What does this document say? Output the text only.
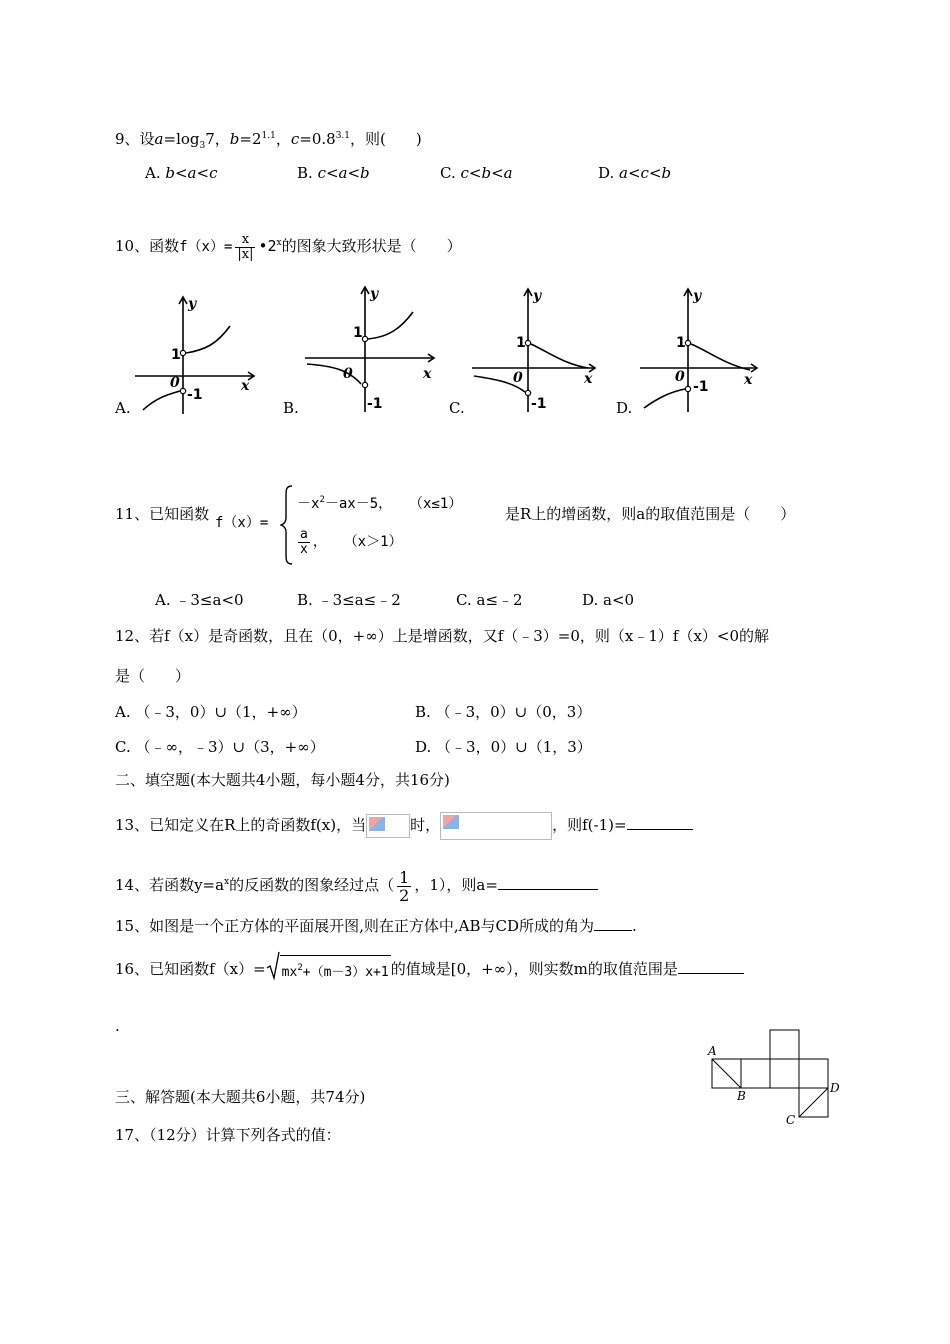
9、设$a=\log_37$，$b=2^{1.1}$，$c=0.8^{3.1}$，则(　　)
A. b<a<c	B. c<a<b	C. c<b<a	D. a<c<b
10、函数$f(x)= \frac{x}{|x|}$ •2$^x$的图象大致形状是（　　）
A.
y
x
0
1
-1
B.
y
x
0
1
-1	C.
y
x
0
1
-1	D.
y
x
0
1
-1
11、已知函数 f（x）=
$-x^2-ax-5$， （x≤1）
$\frac{a}{x}$ ， （x＞1）
是R上的增函数，则a的取值范围是（　　）
A. ﹣3≤a<0	B. ﹣3≤a≤﹣2	C. a≤﹣2	D. a<0
12、若f（x）是奇函数，且在（0，+∞）上是增函数，又f（﹣3）=0，则（x﹣1）f（x）<0的解
是（　　）
A. （﹣3，0）∪（1，+∞）	B. （﹣3，0）∪（0，3）
C. （﹣∞，﹣3）∪（3，+∞）	D. （﹣3，0）∪（1，3）
二、填空题(本大题共4小题，每小题4分，共16分)
13、已知定义在R上的奇函数f(x)，当	时，	，则f(-1)=
14、若函数$y=a^x$的反函数的图象经过点（ $\frac{1}{2}$ ，1），则a=
15、如图是一个正方体的平面展开图,则在正方体中,AB与CD所成的角为	.
16、已知函数$f(x)= mx^2+(m-3)x+1$ 的值域是[0，+∞），则实数m的取值范围是
.
A
B
C
D
三、解答题(本大题共6小题，共74分)
17、（12分）计算下列各式的值：
